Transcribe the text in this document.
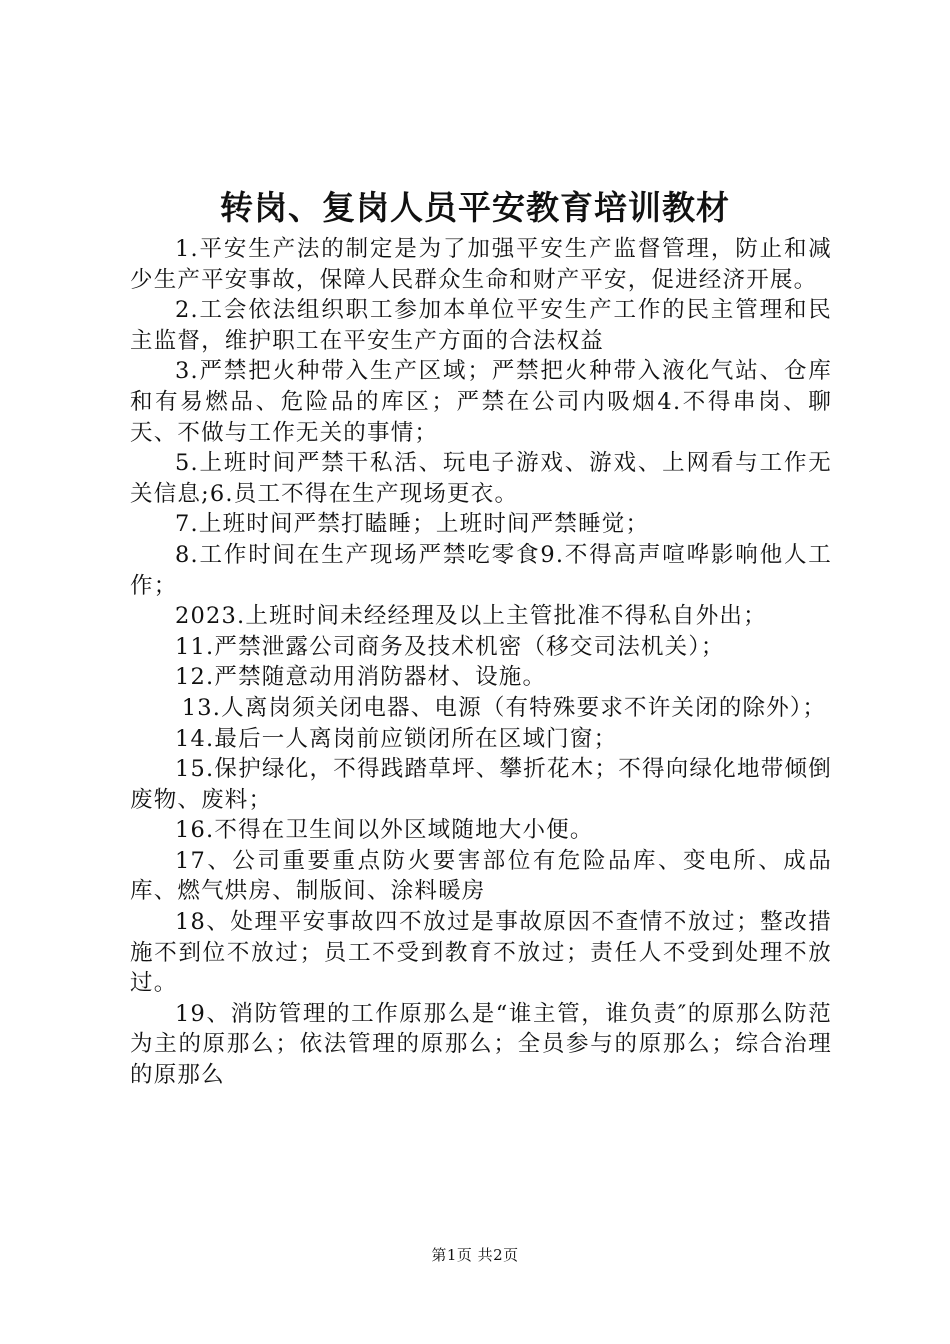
转岗、复岗人员平安教育培训教材

1.平安生产法的制定是为了加强平安生产监督管理，防止和减少生产平安事故，保障人民群众生命和财产平安，促进经济开展。

2.工会依法组织职工参加本单位平安生产工作的民主管理和民主监督，维护职工在平安生产方面的合法权益

3.严禁把火种带入生产区域；严禁把火种带入液化气站、仓库和有易燃品、危险品的库区；严禁在公司内吸烟4.不得串岗、聊天、不做与工作无关的事情；

5.上班时间严禁干私活、玩电子游戏、游戏、上网看与工作无关信息;6.员工不得在生产现场更衣。

7.上班时间严禁打瞌睡；上班时间严禁睡觉；

8.工作时间在生产现场严禁吃零食9.不得高声喧哗影响他人工作；

2023.上班时间未经经理及以上主管批准不得私自外出；

11.严禁泄露公司商务及技术机密（移交司法机关）；

12.严禁随意动用消防器材、设施。

13.人离岗须关闭电器、电源（有特殊要求不许关闭的除外）；

14.最后一人离岗前应锁闭所在区域门窗；

15.保护绿化，不得践踏草坪、攀折花木；不得向绿化地带倾倒废物、废料；

16.不得在卫生间以外区域随地大小便。

17、公司重要重点防火要害部位有危险品库、变电所、成品库、燃气烘房、制版间、涂料暖房

18、处理平安事故四不放过是事故原因不查情不放过；整改措施不到位不放过；员工不受到教育不放过；责任人不受到处理不放过。

19、消防管理的工作原那么是“谁主管，谁负责″的原那么防范为主的原那么；依法管理的原那么；全员参与的原那么；综合治理的原那么

第1页 共2页
